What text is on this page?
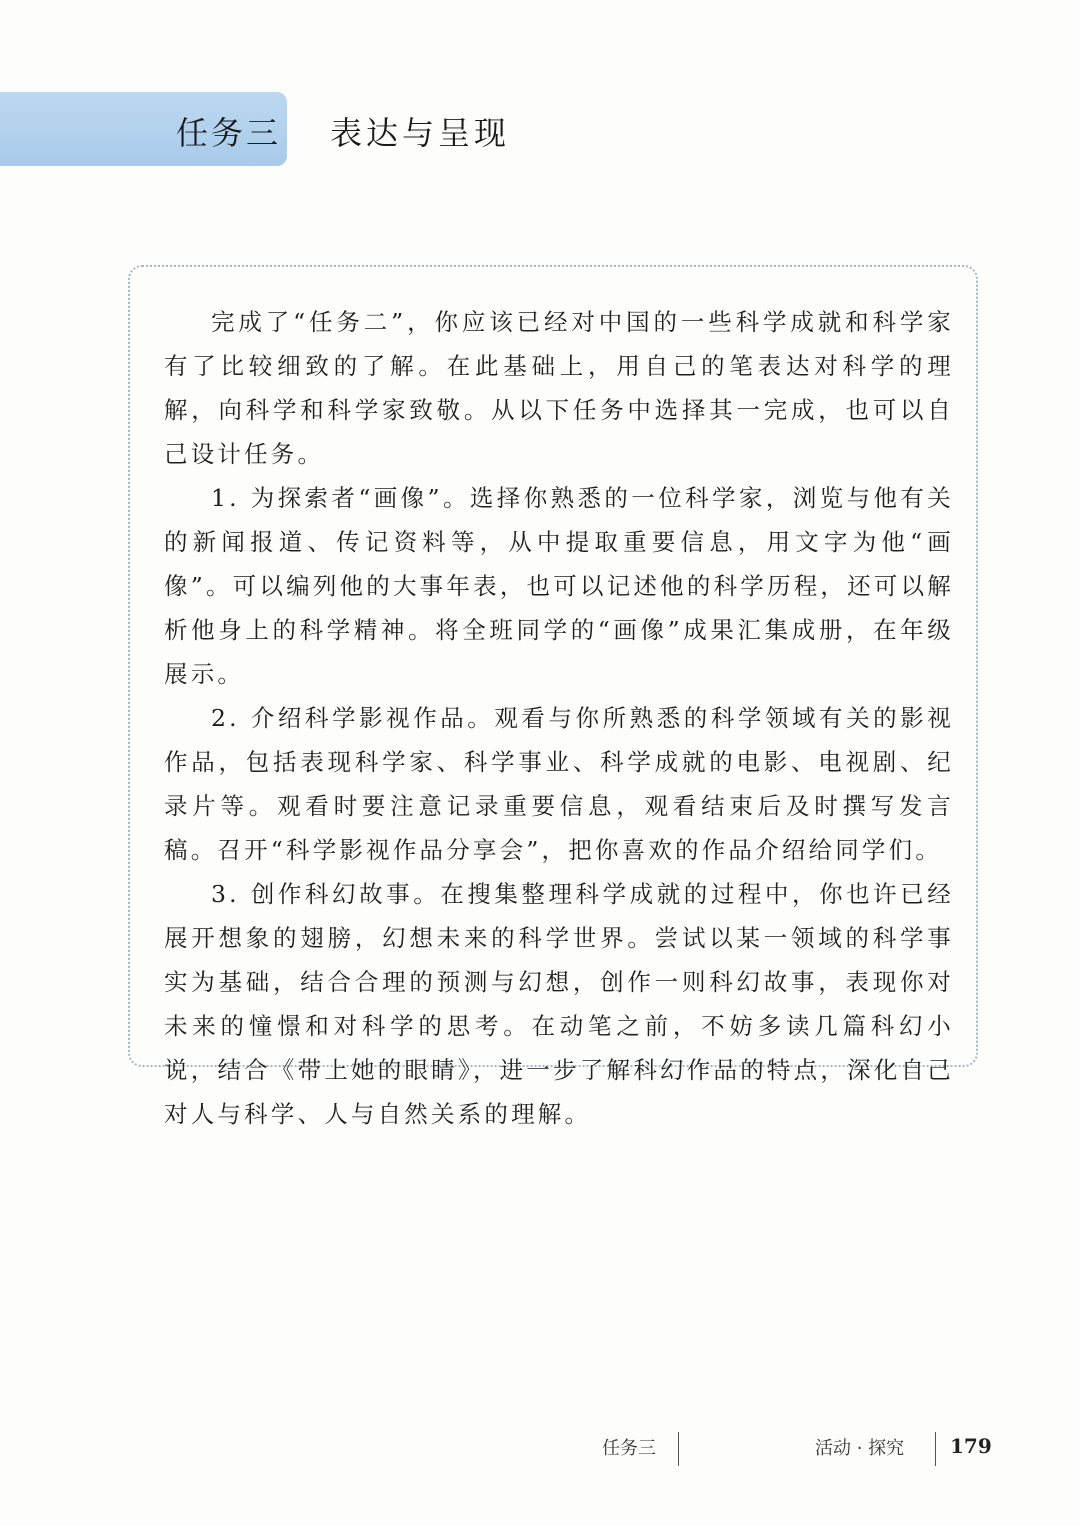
任务三 表达与呈现

完成了“任务二”，你应该已经对中国的一些科学成就和科学家有了比较细致的了解。在此基础上，用自己的笔表达对科学的理解，向科学和科学家致敬。从以下任务中选择其一完成，也可以自己设计任务。

1. 为探索者“画像”。选择你熟悉的一位科学家，浏览与他有关的新闻报道、传记资料等，从中提取重要信息，用文字为他“画像”。可以编列他的大事年表，也可以记述他的科学历程，还可以解析他身上的科学精神。将全班同学的“画像”成果汇集成册，在年级展示。

2. 介绍科学影视作品。观看与你所熟悉的科学领域有关的影视作品，包括表现科学家、科学事业、科学成就的电影、电视剧、纪录片等。观看时要注意记录重要信息，观看结束后及时撰写发言稿。召开“科学影视作品分享会”，把你喜欢的作品介绍给同学们。

3. 创作科幻故事。在搜集整理科学成就的过程中，你也许已经展开想象的翅膀，幻想未来的科学世界。尝试以某一领域的科学事实为基础，结合合理的预测与幻想，创作一则科幻故事，表现你对未来的憧憬和对科学的思考。在动笔之前，不妨多读几篇科幻小说，结合《带上她的眼睛》，进一步了解科幻作品的特点，深化自己对人与科学、人与自然关系的理解。

任务三	活动 · 探究 179
